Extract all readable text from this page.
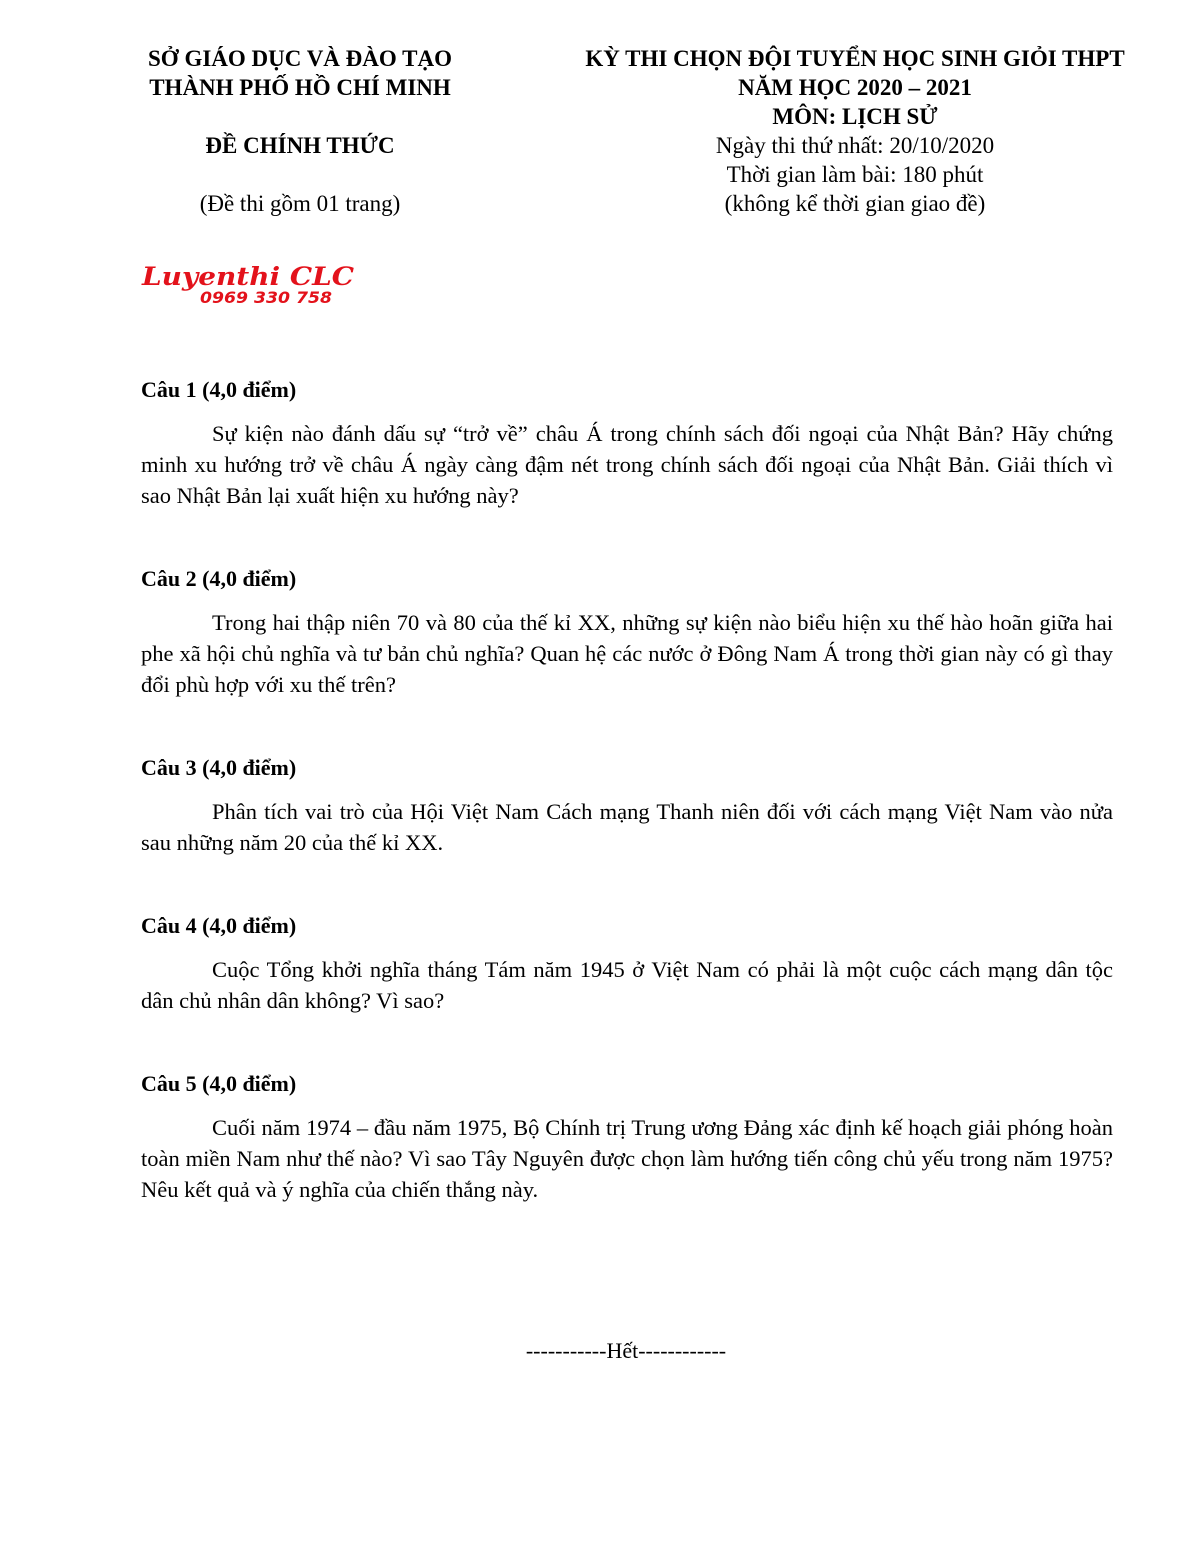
SỞ GIÁO DỤC VÀ ĐÀO TẠO
THÀNH PHỐ HỒ CHÍ MINH
ĐỀ CHÍNH THỨC
(Đề thi gồm 01 trang)
KỲ THI CHỌN ĐỘI TUYỂN HỌC SINH GIỎI THPT
NĂM HỌC 2020 – 2021
MÔN: LỊCH SỬ
Ngày thi thứ nhất: 20/10/2020
Thời gian làm bài: 180 phút
(không kể thời gian giao đề)
Luyenthi CLC
0969 330 758
Câu 1 (4,0 điểm)
Sự kiện nào đánh dấu sự “trở về” châu Á trong chính sách đối ngoại của Nhật Bản? Hãy chứng minh xu hướng trở về châu Á ngày càng đậm nét trong chính sách đối ngoại của Nhật Bản. Giải thích vì sao Nhật Bản lại xuất hiện xu hướng này?
Câu 2 (4,0 điểm)
Trong hai thập niên 70 và 80 của thế kỉ XX, những sự kiện nào biểu hiện xu thế hào hoãn giữa hai phe xã hội chủ nghĩa và tư bản chủ nghĩa? Quan hệ các nước ở Đông Nam Á trong thời gian này có gì thay đổi phù hợp với xu thế trên?
Câu 3 (4,0 điểm)
Phân tích vai trò của Hội Việt Nam Cách mạng Thanh niên đối với cách mạng Việt Nam vào nửa sau những năm 20 của thế kỉ XX.
Câu 4 (4,0 điểm)
Cuộc Tổng khởi nghĩa tháng Tám năm 1945 ở Việt Nam có phải là một cuộc cách mạng dân tộc dân chủ nhân dân không? Vì sao?
Câu 5 (4,0 điểm)
Cuối năm 1974 – đầu năm 1975, Bộ Chính trị Trung ương Đảng xác định kế hoạch giải phóng hoàn toàn miền Nam như thế nào? Vì sao Tây Nguyên được chọn làm hướng tiến công chủ yếu trong năm 1975? Nêu kết quả và ý nghĩa của chiến thắng này.
-----------Hết------------
